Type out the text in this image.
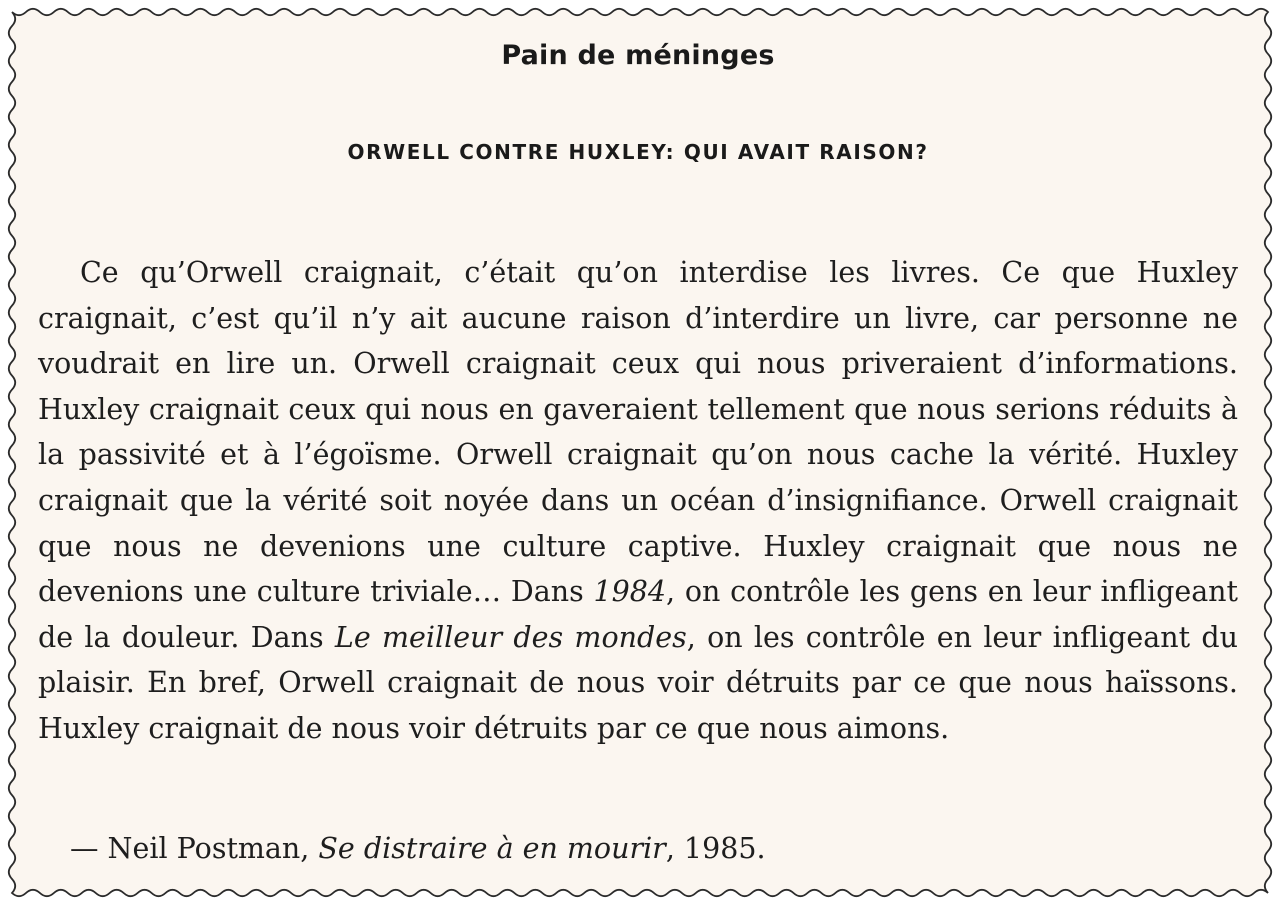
Pain de méninges
ORWELL CONTRE HUXLEY: QUI AVAIT RAISON?

Ce qu’Orwell craignait, c’était qu’on interdise les livres. Ce que Huxley craignait, c’est qu’il n’y ait aucune raison d’interdire un livre, car personne ne voudrait en lire un. Orwell craignait ceux qui nous priveraient d’informations. Huxley craignait ceux qui nous en gaveraient tellement que nous serions réduits à la passivité et à l’égoïsme. Orwell craignait qu’on nous cache la vérité. Huxley craignait que la vérité soit noyée dans un océan d’insignifiance. Orwell craignait que nous ne devenions une culture captive. Huxley craignait que nous ne devenions une culture triviale… Dans 1984, on contrôle les gens en leur infligeant de la douleur. Dans Le meilleur des mondes, on les contrôle en leur infligeant du plaisir. En bref, Orwell craignait de nous voir détruits par ce que nous haïssons. Huxley craignait de nous voir détruits par ce que nous aimons.

— Neil Postman, Se distraire à en mourir, 1985.
